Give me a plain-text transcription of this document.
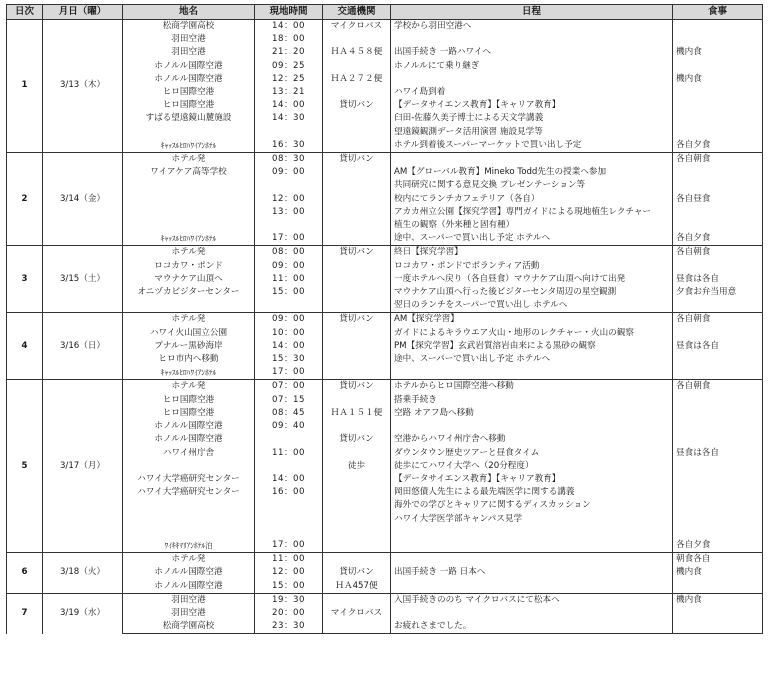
日次	月日（曜）	地名	現地時間	交通機関	日程	食事
1	3/13（木）	松商学園高校	14：00	マイクロバス	学校から羽田空港へ	
		羽田空港	18：00			
		羽田空港	21：20	ＨＡ４５８便	出国手続き 一路ハワイへ	機内食
		ホノルル国際空港	09：25		ホノルルにて乗り継ぎ	
		ホノルル国際空港	12：25	ＨＡ２７２便		機内食
		ヒロ国際空港	13：21		ハワイ島到着	
		ヒロ国際空港	14：00	貸切バン	【データサイエンス教育】【キャリア教育】	
		すばる望遠鏡山麓施設	14：30		臼田-佐藤久美子博士による天文学講義	
					望遠鏡観測データ活用演習 施設見学等	
		ｷｬｯｽﾙﾋﾛﾊﾜｲｱﾝﾎﾃﾙ	16：30		ホテル到着後スーパーマーケットで買い出し予定	各自夕食
2	3/14（金）	ホテル発	08：30	貸切バン		各自朝食
		ワイアケア高等学校	09：00		AM【グローバル教育】Mineko Todd先生の授業へ参加	
					共同研究に関する意見交換 プレゼンテーション等	
			12：00		校内にてランチカフェテリア（各自）	各自昼食
			13：00		アカカ州立公園【探究学習】専門ガイドによる現地植生レクチャー	
					植生の観察（外来種と固有種）	
		ｷｬｯｽﾙﾋﾛﾊﾜｲｱﾝﾎﾃﾙ	17：00		途中、スーパーで買い出し予定 ホテルへ	各自夕食
3	3/15（土）	ホテル発	08：00	貸切バン	終日【探究学習】	各自朝食
		ロコカワ・ポンド	09：00		ロコカワ・ポンドでボランティア活動	
		マウナケア山頂へ	11：00		一度ホテルへ戻り（各自昼食）マウナケア山頂へ向けて出発	昼食は各自
		オニヅカビジターセンター	15：00		マウナケア山頂へ行った後ビジターセンタ周辺の星空観測	夕食お弁当用意
					翌日のランチをスーパーで買い出し ホテルへ	
4	3/16（日）	ホテル発	09：00	貸切バン	AM【探究学習】	各自朝食
		ハワイ火山国立公園	10：00		ガイドによるキラウエア火山・地形のレクチャー・火山の観察	
		プナルー黒砂海岸	14：00		PM【探究学習】玄武岩質溶岩由来による黒砂の観察	昼食は各自
		ヒロ市内へ移動	15：30		途中、スーパーで買い出し予定 ホテルへ	
		ｷｬｯｽﾙﾋﾛﾊﾜｲｱﾝﾎﾃﾙ	17：00			
5	3/17（月）	ホテル発	07：00	貸切バン	ホテルからヒロ国際空港へ移動	各自朝食
		ヒロ国際空港	07：15		搭乗手続き	
		ヒロ国際空港	08：45	ＨＡ１５１便	空路 オアフ島へ移動	
		ホノルル国際空港	09：40			
		ホノルル国際空港		貸切バン	空港からハワイ州庁舎へ移動	
		ハワイ州庁舎	11：00		ダウンタウン歴史ツアーと昼食タイム	昼食は各自
				徒歩	徒歩にてハワイ大学へ（20分程度）	
		ハワイ大学癌研究センター	14：00		【データサイエンス教育】【キャリア教育】	
		ハワイ大学癌研究センター	16：00		岡田悠債人先生による最先端医学に関する講義	
					海外での学びとキャリアに関するディスカッション	
					ハワイ大学医学部キャンパス見学	

		ﾜｲｷｷﾏﾘｱﾝﾎﾃﾙ泊	17：00			各自夕食
6	3/18（火）	ホテル発	11：00			朝食各自
		ホノルル国際空港	12：00	貸切バン	出国手続き 一路 日本へ	機内食
		ホノルル国際空港	15：00	ＨＡ457便		
7	3/19（水）	羽田空港	19：30		入国手続きののち マイクロバスにて松本へ	機内食
		羽田空港	20：00	マイクロバス		
		松商学園高校	23：30		お疲れさまでした。	
